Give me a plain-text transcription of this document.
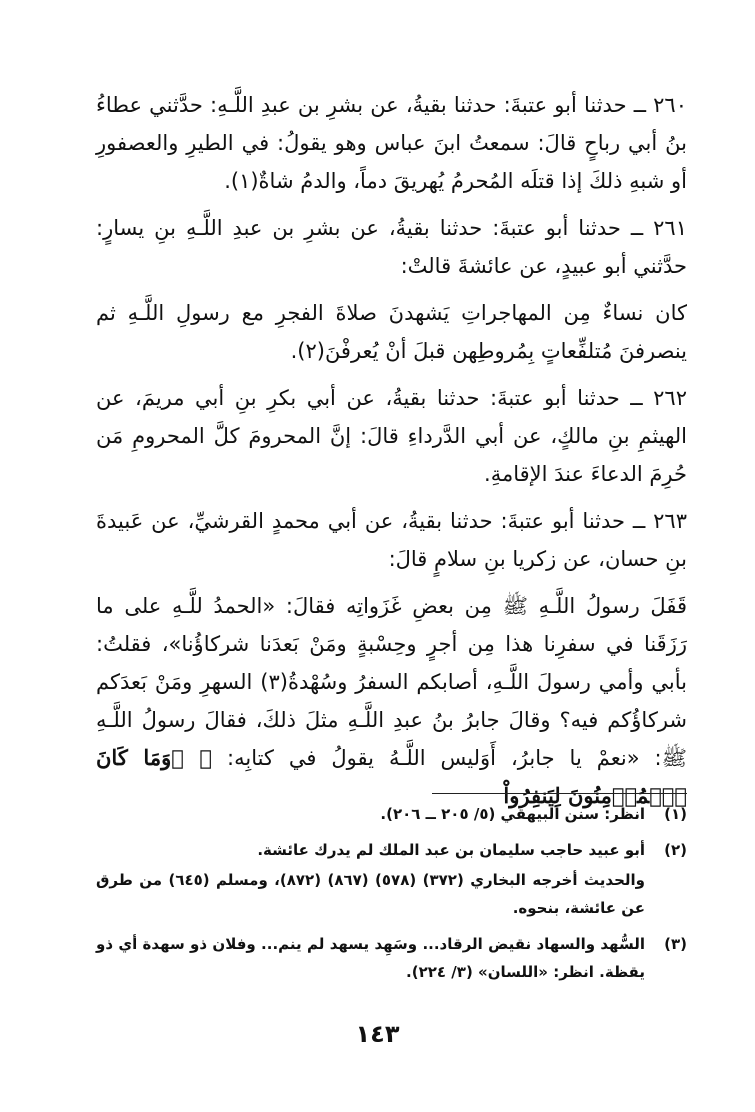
٢٦٠ ــ حدثنا أبو عتبةَ: حدثنا بقيةُ، عن بشرِ بن عبدِ اللَّـهِ: حدَّثني عطاءُ بنُ أبي رباحٍ قالَ: سمعتُ ابنَ عباس وهو يقولُ: في الطيرِ والعصفورِ أو شبهِ ذلكَ إذا قتلَه المُحرمُ يُهريقَ دماً، والدمُ شاةٌ(١).

٢٦١ ــ حدثنا أبو عتبةَ: حدثنا بقيةُ، عن بشرِ بن عبدِ اللَّـهِ بنِ يسارٍ: حدَّثني أبو عبيدٍ، عن عائشةَ قالتْ:

كان نساءٌ مِن المهاجراتِ يَشهدنَ صلاةَ الفجرِ مع رسولِ اللَّـهِ ثم ينصرفنَ مُتلفِّعاتٍ بِمُروطِهن قبلَ أنْ يُعرفْنَ(٢).

٢٦٢ ــ حدثنا أبو عتبةَ: حدثنا بقيةُ، عن أبي بكرِ بنِ أبي مريمَ، عن الهيثمِ بنِ مالكٍ، عن أبي الدَّرداءِ قالَ: إنَّ المحرومَ كلَّ المحرومِ مَن حُرِمَ الدعاءَ عندَ الإقامةِ.

٢٦٣ ــ حدثنا أبو عتبةَ: حدثنا بقيةُ، عن أبي محمدٍ القرشيِّ، عن عَبيدةَ بنِ حسان، عن زكريا بنِ سلامٍ قالَ:

قَفَلَ رسولُ اللَّـهِ ﷺ مِن بعضِ غَزَواتِه فقالَ: «الحمدُ للَّـهِ على ما رَزَقَنا في سفرِنا هذا مِن أجرٍ وحِسْبةٍ ومَنْ بَعدَنا شركاؤُنا»، فقلتُ: بأبي وأمي رسولَ اللَّـهِ، أصابكم السفرُ وسُهْدةُ(٣) السهرِ ومَنْ بَعدَكم شركاؤُكم فيه؟ وقالَ جابرُ بنُ عبدِ اللَّـهِ مثلَ ذلكَ، فقالَ رسولُ اللَّـهِ ﷺ: «نعمْ يا جابرُ، أَوَليس اللَّـهُ يقولُ في كتابِه: ﴿ ۞وَمَا كَانَ ٱلۡمُؤۡمِنُونَ لِيَنفِرُواْ

(١)

انظر: سنن البيهقي (٥/ ٢٠٥ ــ ٢٠٦).

(٢)

أبو عبيد حاجب سليمان بن عبد الملك لم يدرك عائشة.

والحديث أخرجه البخاري (٣٧٢) (٥٧٨) (٨٦٧) (٨٧٢)، ومسلم (٦٤٥) من طرق عن عائشة، بنحوه.

(٣)

السُّهد والسهاد نقيض الرقاد... وسَهِد يسهد لم ينم... وفلان ذو سهدة أي ذو يقظة. انظر: «اللسان» (٣/ ٢٢٤).

١٤٣
